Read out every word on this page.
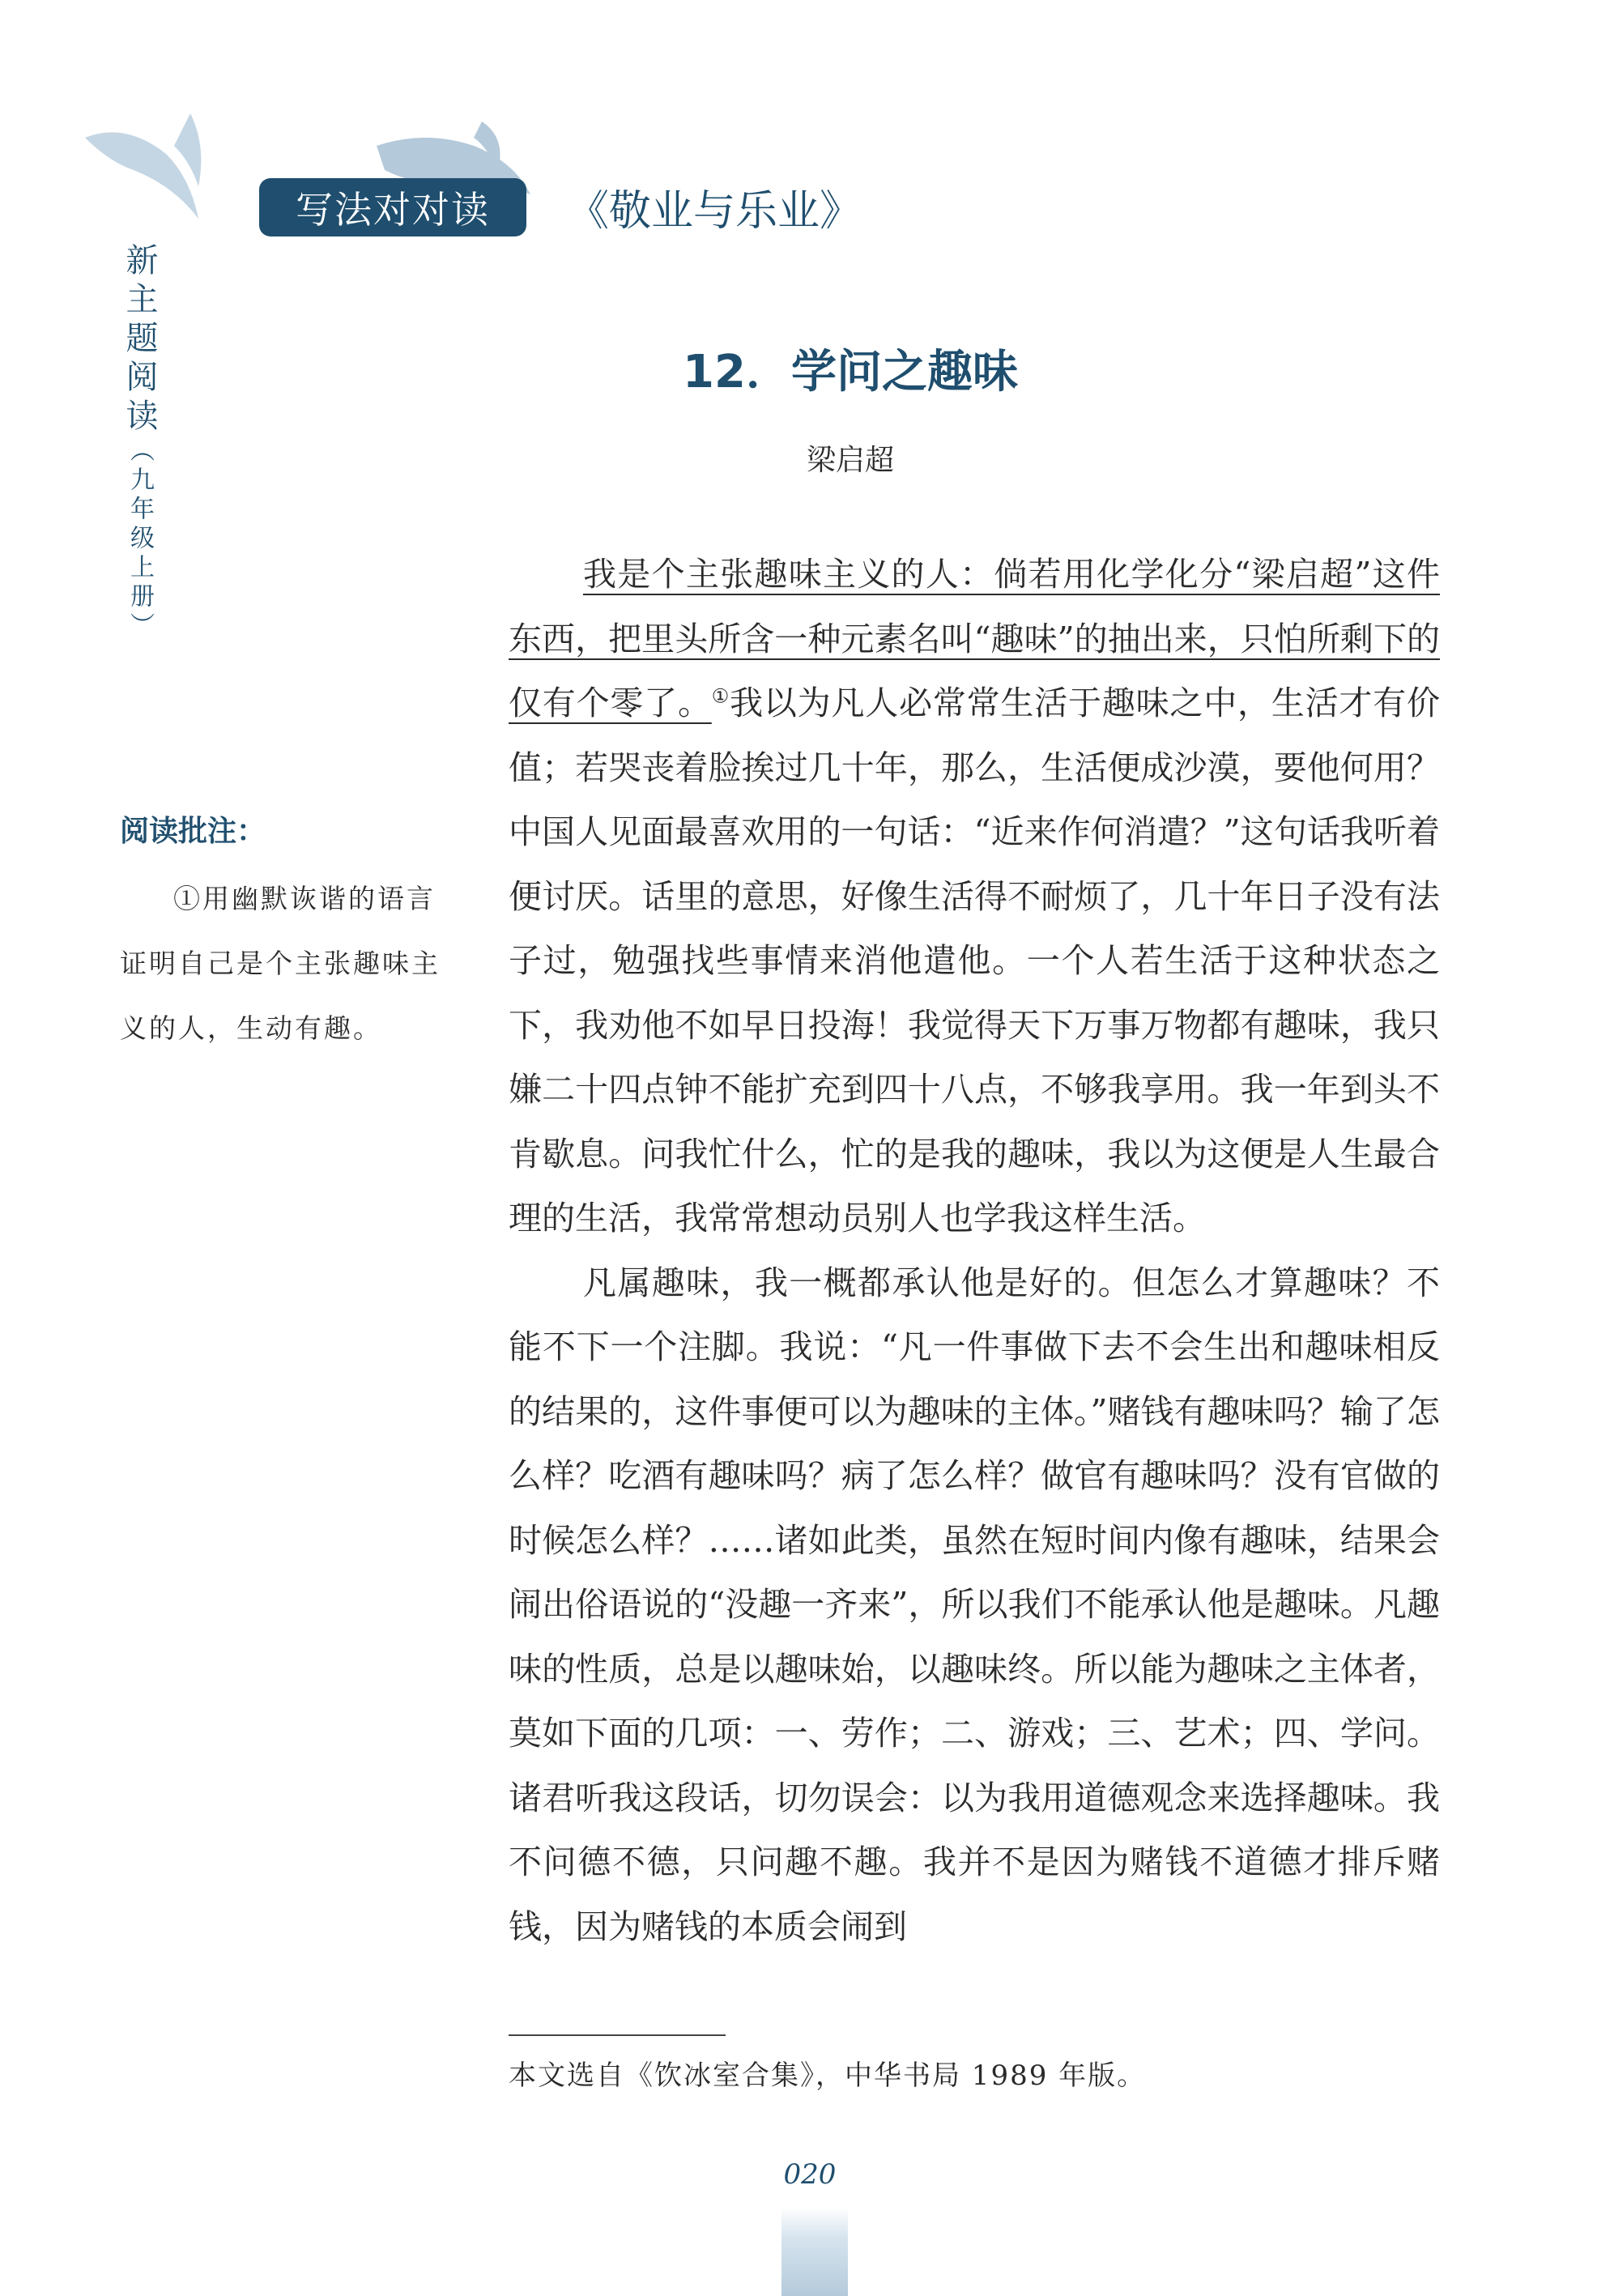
写法对对读	《敬业与乐业》
新主题阅读（九年级上册）
12．学问之趣味
梁启超
阅读批注：
①用幽默诙谐的语言证明自己是个主张趣味主义的人，生动有趣。

我是个主张趣味主义的人：倘若用化学化分“梁启超”这件东西，把里头所含一种元素名叫“趣味”的抽出来，只怕所剩下的仅有个零了。①我以为凡人必常常生活于趣味之中，生活才有价值；若哭丧着脸挨过几十年，那么，生活便成沙漠，要他何用？中国人见面最喜欢用的一句话：“近来作何消遣？”这句话我听着便讨厌。话里的意思，好像生活得不耐烦了，几十年日子没有法子过，勉强找些事情来消他遣他。一个人若生活于这种状态之下，我劝他不如早日投海！我觉得天下万事万物都有趣味，我只嫌二十四点钟不能扩充到四十八点，不够我享用。我一年到头不肯歇息。问我忙什么，忙的是我的趣味，我以为这便是人生最合理的生活，我常常想动员别人也学我这样生活。

凡属趣味，我一概都承认他是好的。但怎么才算趣味？不能不下一个注脚。我说：“凡一件事做下去不会生出和趣味相反的结果的，这件事便可以为趣味的主体。”赌钱有趣味吗？输了怎么样？吃酒有趣味吗？病了怎么样？做官有趣味吗？没有官做的时候怎么样？……诸如此类，虽然在短时间内像有趣味，结果会闹出俗语说的“没趣一齐来”，所以我们不能承认他是趣味。凡趣味的性质，总是以趣味始，以趣味终。所以能为趣味之主体者，莫如下面的几项：一、劳作；二、游戏；三、艺术；四、学问。诸君听我这段话，切勿误会：以为我用道德观念来选择趣味。我不问德不德，只问趣不趣。我并不是因为赌钱不道德才排斥赌钱，因为赌钱的本质会闹到

本文选自《饮冰室合集》，中华书局 1989 年版。
020
